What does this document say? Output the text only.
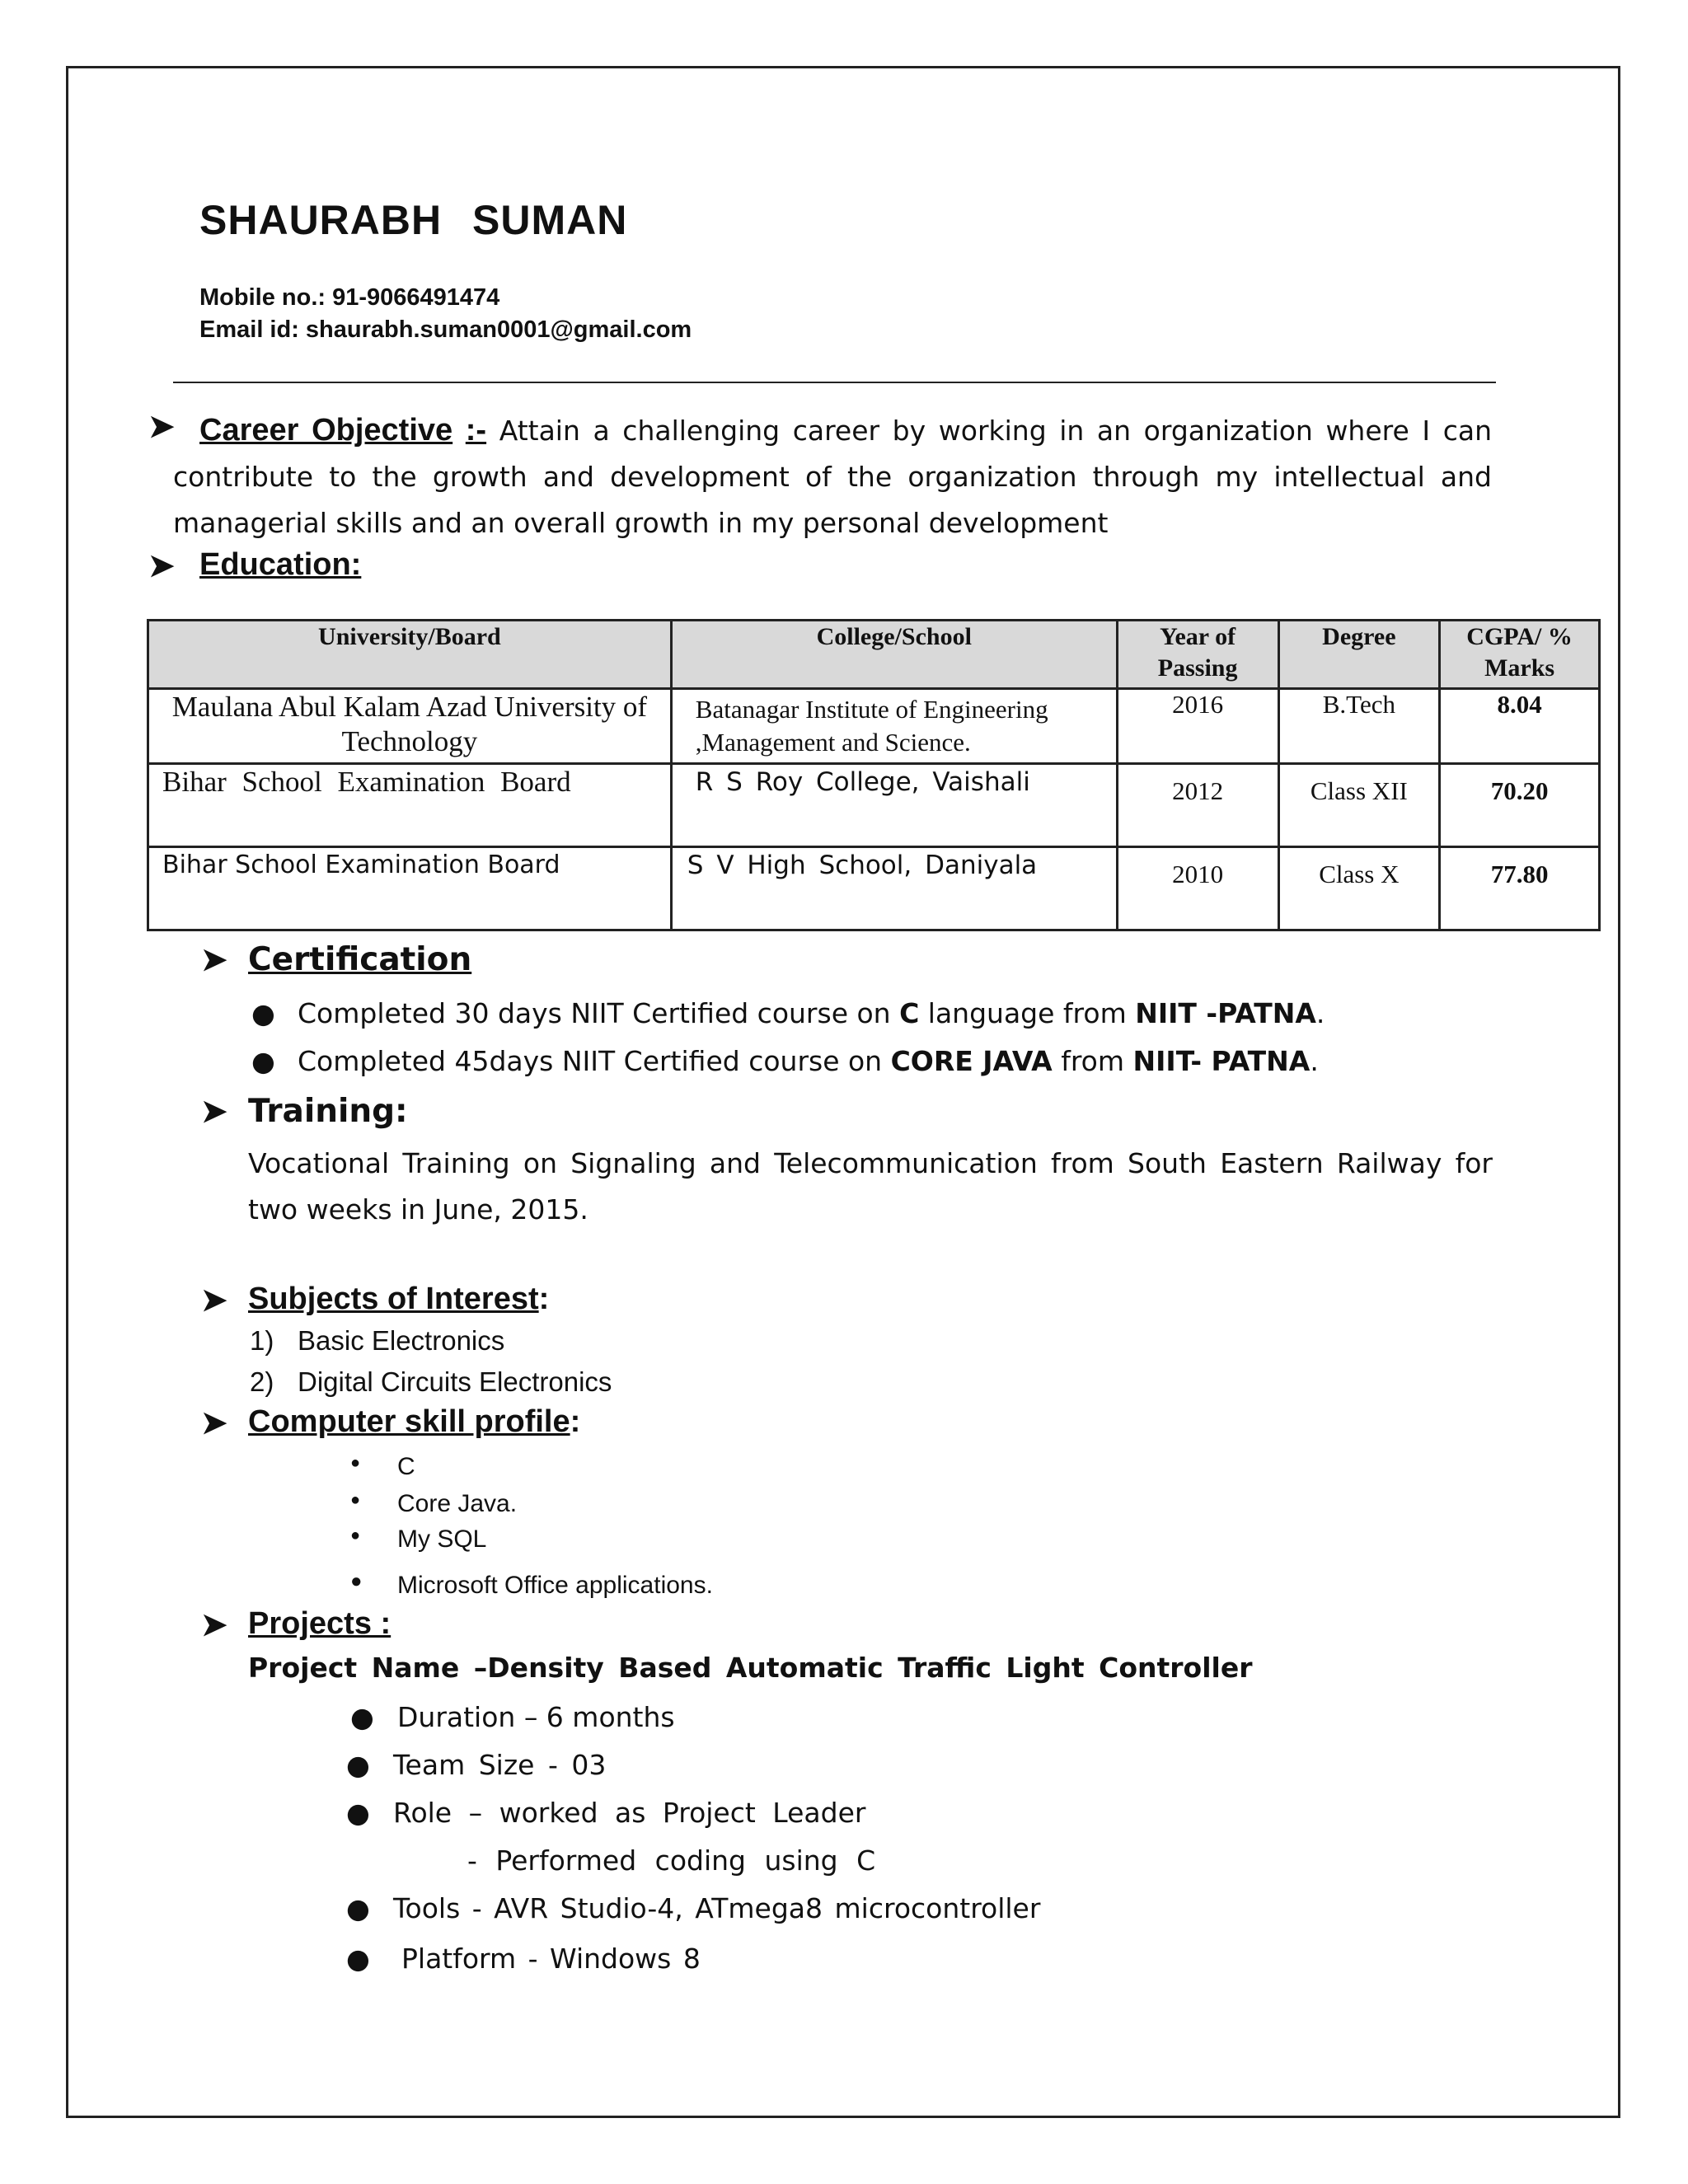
SHAURABH SUMAN
Mobile no.: 91-9066491474
Email id: shaurabh.suman0001@gmail.com
➤ Career Objective :- Attain a challenging career by working in an organization where I can contribute to the growth and development of the organization through my intellectual and managerial skills and an overall growth in my personal development
➤ Education:
University/Board	College/School	Year of Passing	Degree	CGPA/ % Marks
Maulana Abul Kalam Azad University of Technology	Batanagar Institute of Engineering ,Management and Science.	2016	B.Tech	8.04
Bihar School Examination Board	R S Roy College, Vaishali	2012	Class XII	70.20
Bihar School Examination Board	S V High School, Daniyala	2010	Class X	77.80
➤ Certification
● Completed 30 days NIIT Certified course on C language from NIIT -PATNA.
● Completed 45days NIIT Certified course on CORE JAVA from NIIT- PATNA.
➤ Training:
Vocational Training on Signaling and Telecommunication from South Eastern Railway for two weeks in June, 2015.
➤ Subjects of Interest:
1) Basic Electronics
2) Digital Circuits Electronics
➤ Computer skill profile:
● C
● Core Java.
● My SQL
● Microsoft Office applications.
➤ Projects :
Project Name –Density Based Automatic Traffic Light Controller
● Duration – 6 months
● Team Size - 03
● Role – worked as Project Leader
- Performed coding using C
● Tools - AVR Studio-4, ATmega8 microcontroller
● Platform - Windows 8
